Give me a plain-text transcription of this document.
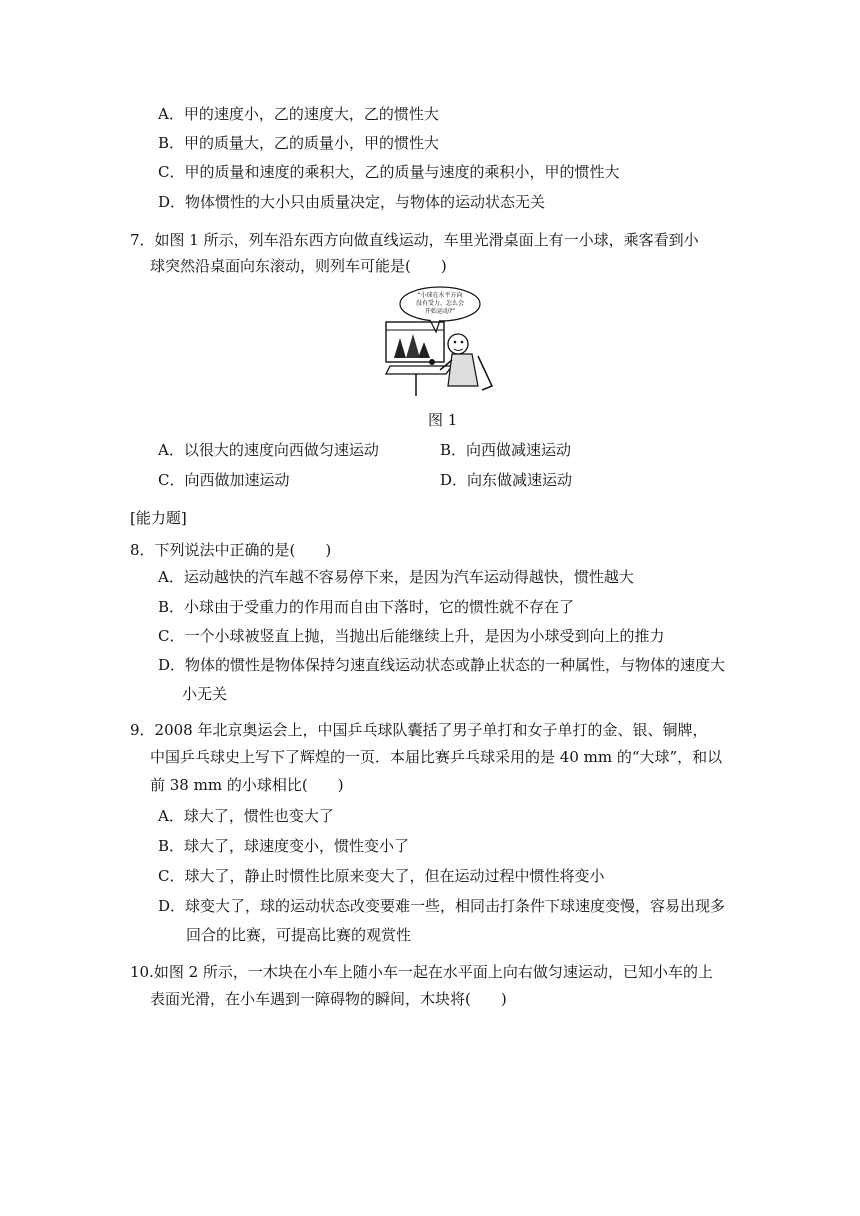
A．甲的速度小，乙的速度大，乙的惯性大
B．甲的质量大，乙的质量小，甲的惯性大
C．甲的质量和速度的乘积大，乙的质量与速度的乘积小，甲的惯性大
D．物体惯性的大小只由质量决定，与物体的运动状态无关
7．如图 1 所示，列车沿东西方向做直线运动，车里光滑桌面上有一小球，乘客看到小
球突然沿桌面向东滚动，则列车可能是(　　)
“小球在水平方向
没有受力，怎么会
开始运动?”
图 1
A．以很大的速度向西做匀速运动	B．向西做减速运动
C．向西做加速运动	D．向东做减速运动
[能力题]
8．下列说法中正确的是(　　)
A．运动越快的汽车越不容易停下来，是因为汽车运动得越快，惯性越大
B．小球由于受重力的作用而自由下落时，它的惯性就不存在了
C．一个小球被竖直上抛，当抛出后能继续上升，是因为小球受到向上的推力
D．物体的惯性是物体保持匀速直线运动状态或静止状态的一种属性，与物体的速度大
小无关
9．2008 年北京奥运会上，中国乒乓球队囊括了男子单打和女子单打的金、银、铜牌，
中国乒乓球史上写下了辉煌的一页．本届比赛乒乓球采用的是 40 mm 的“大球”，和以
前 38 mm 的小球相比(　　)
A．球大了，惯性也变大了
B．球大了，球速度变小，惯性变小了
C．球大了，静止时惯性比原来变大了，但在运动过程中惯性将变小
D．球变大了，球的运动状态改变要难一些，相同击打条件下球速度变慢，容易出现多
回合的比赛，可提高比赛的观赏性
10.如图 2 所示，一木块在小车上随小车一起在水平面上向右做匀速运动，已知小车的上
表面光滑，在小车遇到一障碍物的瞬间，木块将(　　)
